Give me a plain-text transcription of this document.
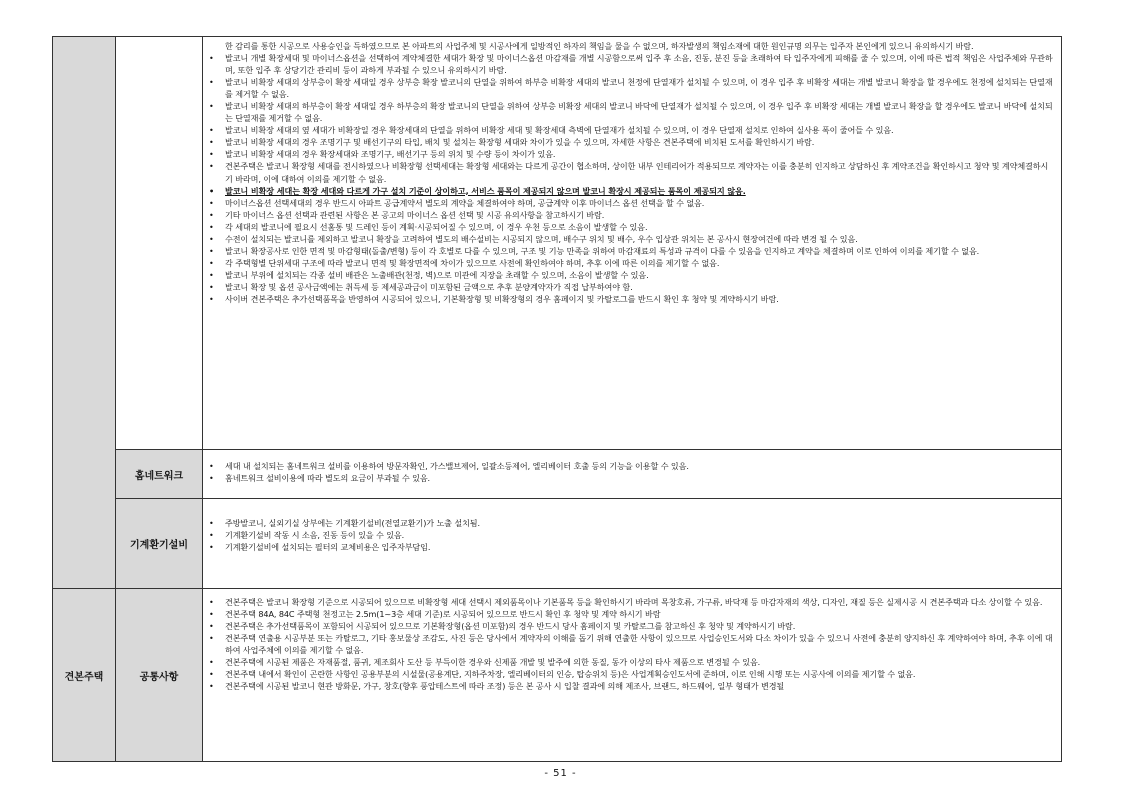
홈네트워크
기계환기설비
견본주택	공통사항
한 감리를 통한 시공으로 사용승인을 득하였으므로 본 아파트의 사업주체 및 시공사에게 일방적인 하자의 책임을 물을 수 없으며, 하자발생의 책임소재에 대한 원인규명 의무는 입주자 본인에게 있으니 유의하시기 바람.
• 발코니 개별 확장세대 및 마이너스옵션을 선택하여 계약체결한 세대가 확장 및 마이너스옵션 마감재를 개별 시공함으로써 입주 후 소음, 진동, 분진 등을 초래하여 타 입주자에게 피해를 줄 수 있으며, 이에 따른 법적 책임은 사업주체와 무관하며, 또한 입주 후 상당기간 관리비 등이 과하게 부과될 수 있으니 유의하시기 바람.
• 발코니 비확장 세대의 상부층이 확장 세대일 경우 상부층 확장 발코니의 단열을 위하여 하부층 비확장 세대의 발코니 천정에 단열재가 설치될 수 있으며, 이 경우 입주 후 비확장 세대는 개별 발코니 확장을 할 경우에도 천정에 설치되는 단열재를 제거할 수 없음.
• 발코니 비확장 세대의 하부층이 확장 세대일 경우 하부층의 확장 발코니의 단열을 위하여 상부층 비확장 세대의 발코니 바닥에 단열재가 설치될 수 있으며, 이 경우 입주 후 비확장 세대는 개별 발코니 확장을 할 경우에도 발코니 바닥에 설치되는 단열재를 제거할 수 없음.
• 발코니 비확장 세대의 옆 세대가 비확장일 경우 확장세대의 단열을 위하여 비확장 세대 및 확장세대 측벽에 단열재가 설치될 수 있으며, 이 경우 단열재 설치로 인하여 실사용 폭이 줄어들 수 있음.
• 발코니 비확장 세대의 경우 조명기구 및 배선기구의 타입, 배치 및 설치는 확장형 세대와 차이가 있을 수 있으며, 자세한 사항은 견본주택에 비치된 도서를 확인하시기 바람.
• 발코니 비확장 세대의 경우 확장세대와 조명기구, 배선기구 등의 위치 및 수량 등이 차이가 있음.
• 견본주택은 발코니 확장형 세대를 전시하였으나 비확장형 선택세대는 확장형 세대와는 다르게 공간이 협소하며, 상이한 내부 인테리어가 적용되므로 계약자는 이를 충분히 인지하고 상담하신 후 계약조건을 확인하시고 청약 및 계약체결하시기 바라며, 이에 대하여 이의를 제기할 수 없음.
• 발코니 비확장 세대는 확장 세대와 다르게 가구 설치 기준이 상이하고, 서비스 품목이 제공되지 않으며 발코니 확장시 제공되는 품목이 제공되지 않음.
• 마이너스옵션 선택세대의 경우 반드시 아파트 공급계약서 별도의 계약을 체결하여야 하며, 공급계약 이후 마이너스 옵션 선택을 할 수 없음.
• 기타 마이너스 옵션 선택과 관련된 사항은 본 공고의 마이너스 옵션 선택 및 시공 유의사항을 참고하시기 바람.
• 각 세대의 발코니에 필요시 선홈통 및 드레인 등이 계획·시공되어질 수 있으며, 이 경우 우천 등으로 소음이 발생할 수 있음.
• 수전이 설치되는 발코니를 제외하고 발코니 확장을 고려하여 별도의 배수설비는 시공되지 않으며, 배수구 위치 및 배수, 우수 입상관 위치는 본 공사시 현장여건에 따라 변경 될 수 있음.
• 발코니 확장공사로 인한 면적 및 마감형태(돌출/변형) 등이 각 호별로 다를 수 있으며, 구조 및 기능 만족을 위하여 마감재료의 특성과 규격이 다를 수 있음을 인지하고 계약을 체결하며 이로 인하여 이의를 제기할 수 없음.
• 각 주택형별 단위세대 구조에 따라 발코니 면적 및 확장면적에 차이가 있으므로 사전에 확인하여야 하며, 추후 이에 따른 이의를 제기할 수 없음.
• 발코니 부위에 설치되는 각종 설비 배관은 노출배관(천정, 벽)으로 미관에 지장을 초래할 수 있으며, 소음이 발생할 수 있음.
• 발코니 확장 및 옵션 공사금액에는 취득세 등 제세공과금이 미포함된 금액으로 추후 분양계약자가 직접 납부하여야 함.
• 사이버 견본주택은 추가선택품목을 반영하여 시공되어 있으니, 기본확장형 및 비확장형의 경우 홈페이지 및 카탈로그를 반드시 확인 후 청약 및 계약하시기 바람.
• 세대 내 설치되는 홈네트워크 설비를 이용하여 방문자확인, 가스밸브제어, 일괄소등제어, 엘리베이터 호출 등의 기능을 이용할 수 있음.
• 홈네트워크 설비이용에 따라 별도의 요금이 부과될 수 있음.
• 주방발코니, 실외기실 상부에는 기계환기설비(전열교환기)가 노출 설치됨.
• 기계환기설비 작동 시 소음, 진동 등이 있을 수 있음.
• 기계환기설비에 설치되는 필터의 교체비용은 입주자부담임.
• 견본주택은 발코니 확장형 기준으로 시공되어 있으므로 비확장형 세대 선택시 제외품목이나 기본품목 등을 확인하시기 바라며 목창호류, 가구류, 바닥재 등 마감자재의 색상, 디자인, 재질 등은 실제시공 시 견본주택과 다소 상이할 수 있음.
• 견본주택 84A, 84C 주택형 천정고는 2.5m(1~3층 세대 기준)로 시공되어 있으므로 반드시 확인 후 청약 및 계약 하시기 바람
• 견본주택은 추가선택품목이 포함되어 시공되어 있으므로 기본확장형(옵션 미포함)의 경우 반드시 당사 홈페이지 및 카탈로그를 참고하신 후 청약 및 계약하시기 바람.
• 견본주택 연출용 시공부분 또는 카탈로그, 기타 홍보물상 조감도, 사진 등은 당사에서 계약자의 이해를 돕기 위해 연출한 사항이 있으므로 사업승인도서와 다소 차이가 있을 수 있으니 사전에 충분히 양지하신 후 계약하여야 하며, 추후 이에 대하여 사업주체에 이의를 제기할 수 없음.
• 견본주택에 시공된 제품은 자재품절, 품귀, 제조회사 도산 등 부득이한 경우와 신제품 개발 및 발주에 의한 동질, 동가 이상의 타사 제품으로 변경될 수 있음.
• 견본주택 내에서 확인이 곤란한 사항인 공용부분의 시설물(공용계단, 지하주차장, 엘리베이터의 인승, 탑승위치 등)은 사업계획승인도서에 준하며, 이로 인해 시행 또는 시공사에 이의를 제기할 수 없음.
• 견본주택에 시공된 발코니 현관 방화문, 가구, 창호(향후 풍압테스트에 따라 조정) 등은 본 공사 시 입찰 결과에 의해 제조사, 브랜드, 하드웨어, 일부 형태가 변경될
- 51 -
